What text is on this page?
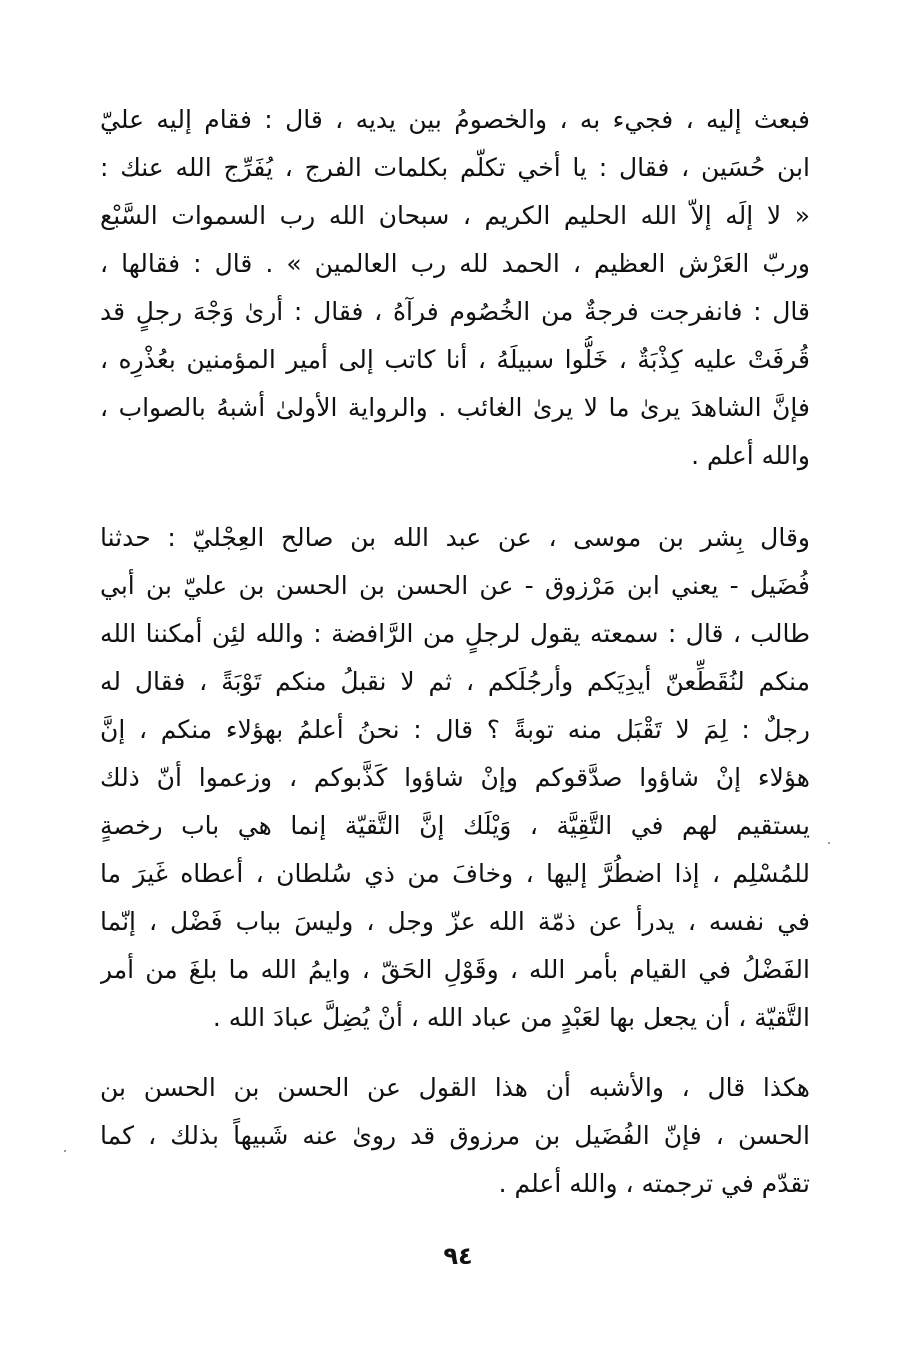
فبعث إليه ، فجيء به ، والخصومُ بين يديه ، قال : فقام إليه عليّ
ابن حُسَين ، فقال : يا أخي تكلّم بكلمات الفرج ، يُفَرِّج الله عنك :
« لا إلَه إلاّ الله الحليم الكريم ، سبحان الله رب السموات السَّبْع
وربّ العَرْش العظيم ، الحمد لله رب العالمين » . قال : فقالها ،
قال : فانفرجت فرجةٌ من الخُصُوم فرآهُ ، فقال : أرىٰ وَجْهَ رجلٍ قد
قُرفَتْ عليه كِذْبَةٌ ، خَلُّوا سبيلَهُ ، أنا كاتب إلى أمير المؤمنين بعُذْرِه ،
فإنَّ الشاهدَ يرىٰ ما لا يرىٰ الغائب . والرواية الأولىٰ أشبهُ بالصواب ،
والله أعلم .
وقال بِشر بن موسى ، عن عبد الله بن صالح العِجْليّ : حدثنا
فُضَيل - يعني ابن مَرْزوق - عن الحسن بن الحسن بن عليّ بن أبي
طالب ، قال : سمعته يقول لرجلٍ من الرَّافضة : والله لئِن أمكننا الله
منكم لنُقَطِّعنّ أيدِيَكم وأرجُلَكم ، ثم لا نقبلُ منكم تَوْبَةً ، فقال له
رجلٌ : لِمَ لا تَقْبَل منه توبةً ؟ قال : نحنُ أعلمُ بهؤلاء منكم ، إنَّ
هؤلاء إنْ شاؤوا صدَّقوكم وإنْ شاؤوا كَذَّبوكم ، وزعموا أنّ ذلك
يستقيم لهم في التَّقِيَّة ، وَيْلَك إنَّ التَّقيّة إنما هي باب رخصةٍ
للمُسْلِم ، إذا اضطُرَّ إليها ، وخافَ من ذي سُلطان ، أعطاه غَيرَ ما
في نفسه ، يدرأ عن ذمّة الله عزّ وجل ، وليسَ بباب فَضْل ، إنّما
الفَضْلُ في القيام بأمر الله ، وقَوْلِ الحَقّ ، وايمُ الله ما بلغَ من أمر
التَّقيّة ، أن يجعل بها لعَبْدٍ من عباد الله ، أنْ يُضِلَّ عبادَ الله .
هكذا قال ، والأشبه أن هذا القول عن الحسن بن الحسن بن
الحسن ، فإنّ الفُضَيل بن مرزوق قد روىٰ عنه شَبيهاً بذلك ، كما
تقدّم في ترجمته ، والله أعلم .
٩٤
